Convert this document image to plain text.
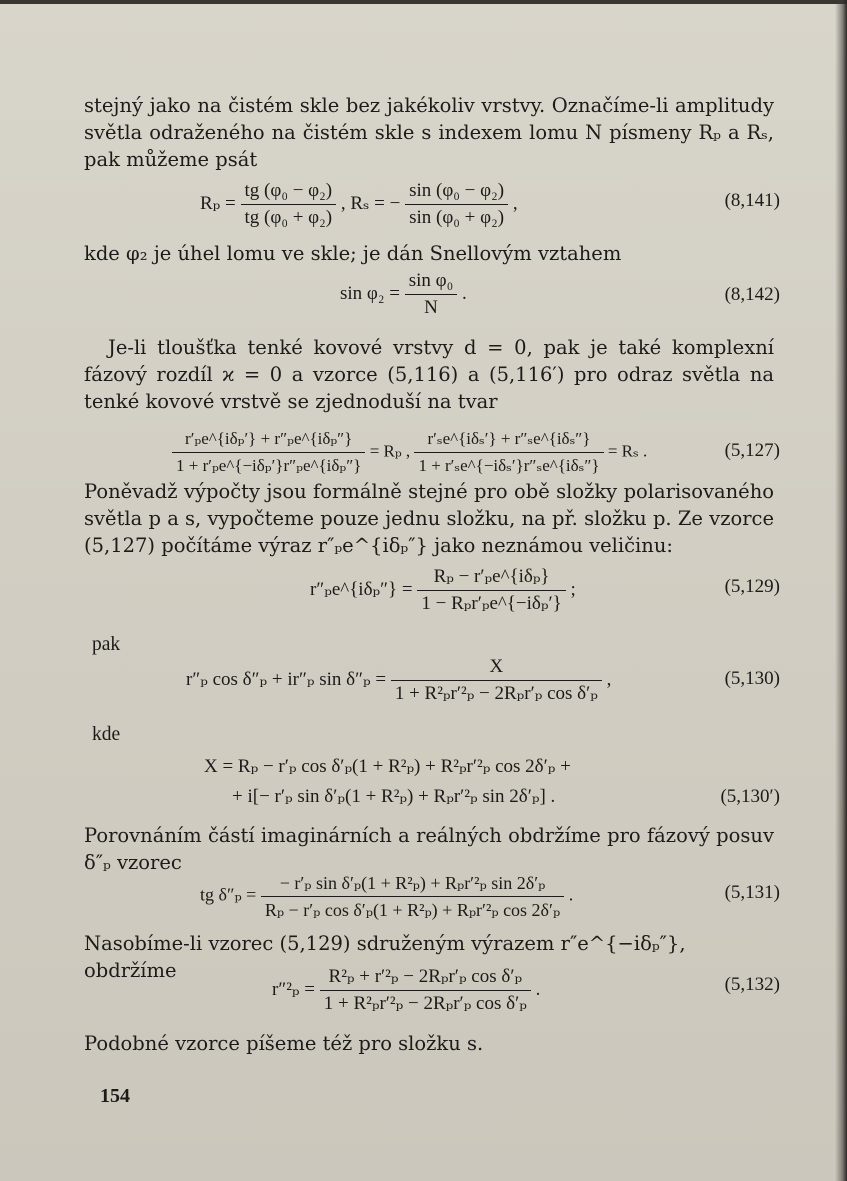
stejný jako na čistém skle bez jakékoliv vrstvy. Označíme-li amplitudy světla odraženého na čistém skle s indexem lomu N písmeny Rₚ a Rₛ, pak můžeme psát
$R_p = \frac{\text{tg (φ₀ − φ₂)}}{\text{tg (φ₀ + φ₂)}}$ , Rₛ = − $\frac{\text{sin (φ₀ − φ₂)}}{\text{sin (φ₀ + φ₂)}}$ ,	(8,141)
kde φ₂ je úhel lomu ve skle; je dán Snellovým vztahem
$\sin \varphi_2 = \frac{\text{sin φ₀}}{N}$ .	(8,142)
Je-li tloušťka tenké kovové vrstvy d = 0, pak je také komplexní fázový rozdíl ϰ = 0 a vzorce (5,116) a (5,116′) pro odraz světla na tenké kovové vrstvě se zjednoduší na tvar
$\frac{\text{r′ₚe\textasciicircum{}\{iδₚ′\} + r″ₚe\textasciicircum{}\{iδₚ″\}}}{\text{1 + r′ₚe\textasciicircum{}\{−iδₚ′\}r″ₚe\textasciicircum{}\{iδₚ″\}}} = R_p$ , $\frac{\text{r′ₛe\textasciicircum{}\{iδₛ′\} + r″ₛe\textasciicircum{}\{iδₛ″\}}}{\text{1 + r′ₛe\textasciicircum{}\{−iδₛ′\}r″ₛe\textasciicircum{}\{iδₛ″\}}} = R_s$ .	(5,127)
Poněvadž výpočty jsou formálně stejné pro obě složky polarisovaného světla p a s, vypočteme pouze jednu složku, na př. složku p. Ze vzorce (5,127) počítáme výraz r″ₚe^{iδₚ″} jako neznámou veličinu:
r″ₚe^{iδₚ″} = $\frac{\text{Rₚ − r′ₚe\textasciicircum{}\{iδₚ\}}}{\text{1 − Rₚr′ₚe\textasciicircum{}\{−iδₚ′\}}}$ ;	(5,129)
pak
r″ₚ cos δ″ₚ + ir″ₚ $\sin \delta''_p = \frac{X}{\text{1 + R²ₚr′²ₚ − 2Rₚr′ₚ cos δ′ₚ}}$ ,	(5,130)
kde
X = Rₚ − r′ₚ cos δ′ₚ(1 + R²ₚ) + R²ₚr′²ₚ cos 2δ′ₚ +
+ i[− r′ₚ sin δ′ₚ(1 + R²ₚ) + Rₚr′²ₚ sin 2δ′ₚ] .	(5,130′)
Porovnáním částí imaginárních a reálných obdržíme pro fázový posuv δ″ₚ vzorec
tg $\delta''_p = \frac{\text{− r′ₚ sin δ′ₚ(1 + R²ₚ) + Rₚr′²ₚ sin 2δ′ₚ}}{\text{Rₚ − r′ₚ cos δ′ₚ(1 + R²ₚ) + Rₚr′²ₚ cos 2δ′ₚ}}$ .	(5,131)
Nasobíme-li vzorec (5,129) sdruženým výrazem r″e^{−iδₚ″}, obdržíme
$r''^2_p = \frac{\text{R²ₚ + r′²ₚ − 2Rₚr′ₚ cos δ′ₚ}}{\text{1 + R²ₚr′²ₚ − 2Rₚr′ₚ cos δ′ₚ}}$ .	(5,132)
Podobné vzorce píšeme též pro složku s.
154
